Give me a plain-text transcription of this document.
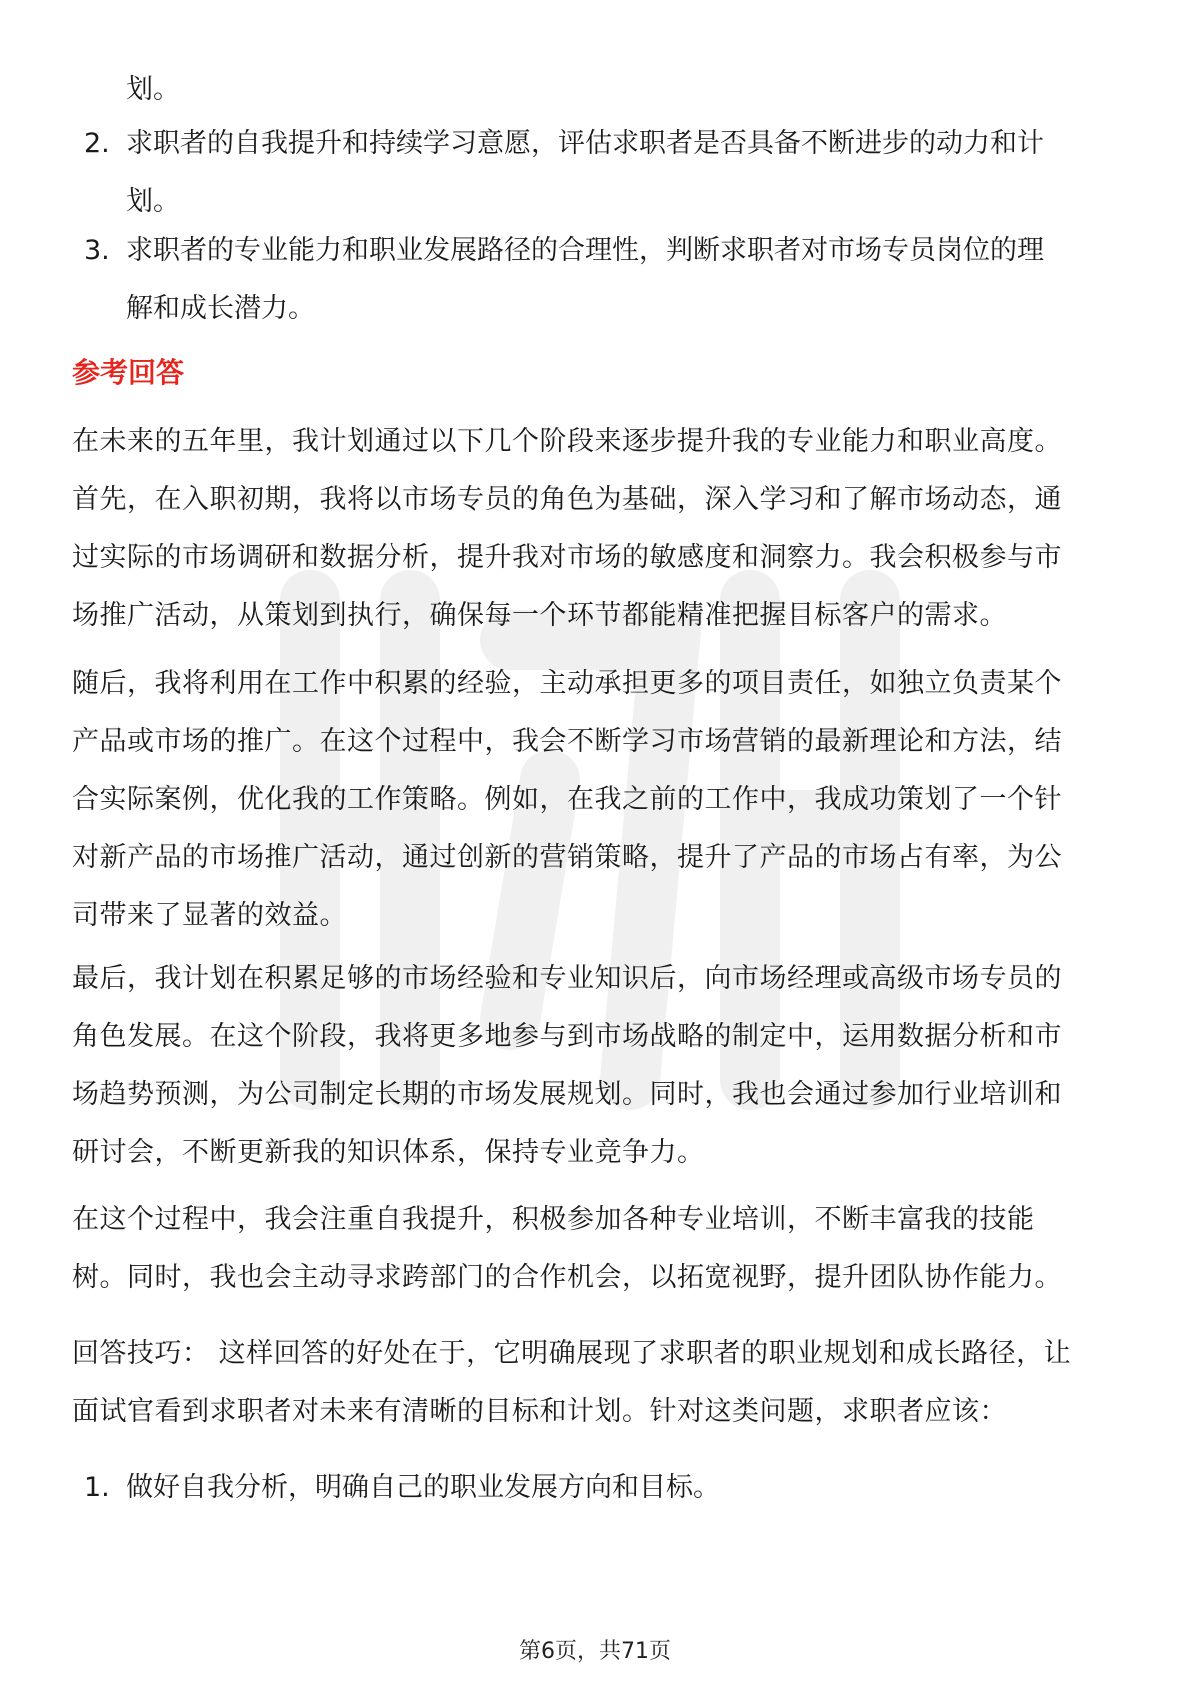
划。
2. 求职者的自我提升和持续学习意愿，评估求职者是否具备不断进步的动力和计
划。
3. 求职者的专业能力和职业发展路径的合理性，判断求职者对市场专员岗位的理
解和成长潜力。
参考回答
在未来的五年里，我计划通过以下几个阶段来逐步提升我的专业能力和职业高度。
首先，在入职初期，我将以市场专员的角色为基础，深入学习和了解市场动态，通
过实际的市场调研和数据分析，提升我对市场的敏感度和洞察力。我会积极参与市
场推广活动，从策划到执行，确保每一个环节都能精准把握目标客户的需求。
随后，我将利用在工作中积累的经验，主动承担更多的项目责任，如独立负责某个
产品或市场的推广。在这个过程中，我会不断学习市场营销的最新理论和方法，结
合实际案例，优化我的工作策略。例如，在我之前的工作中，我成功策划了一个针
对新产品的市场推广活动，通过创新的营销策略，提升了产品的市场占有率，为公
司带来了显著的效益。
最后，我计划在积累足够的市场经验和专业知识后，向市场经理或高级市场专员的
角色发展。在这个阶段，我将更多地参与到市场战略的制定中，运用数据分析和市
场趋势预测，为公司制定长期的市场发展规划。同时，我也会通过参加行业培训和
研讨会，不断更新我的知识体系，保持专业竞争力。
在这个过程中，我会注重自我提升，积极参加各种专业培训，不断丰富我的技能
树。同时，我也会主动寻求跨部门的合作机会，以拓宽视野，提升团队协作能力。
回答技巧： 这样回答的好处在于，它明确展现了求职者的职业规划和成长路径，让
面试官看到求职者对未来有清晰的目标和计划。针对这类问题，求职者应该：
1. 做好自我分析，明确自己的职业发展方向和目标。
第6页，共71页
